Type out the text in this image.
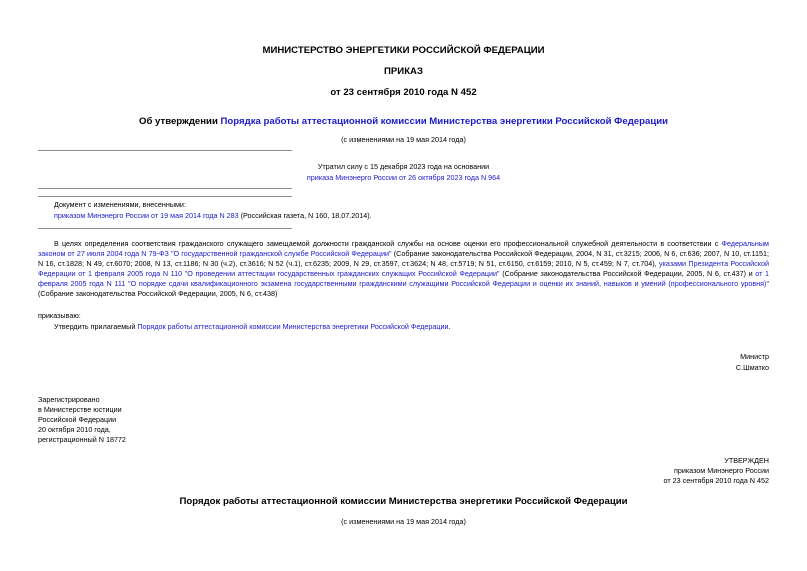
МИНИСТЕРСТВО ЭНЕРГЕТИКИ РОССИЙСКОЙ ФЕДЕРАЦИИ
ПРИКАЗ
от 23 сентября 2010 года N 452
Об утверждении Порядка работы аттестационной комиссии Министерства энергетики Российской Федерации
(с изменениями на 19 мая 2014 года)
Утратил силу с 15 декабря 2023 года на основании
приказа Минэнерго России от 26 октября 2023 года N 964
Документ с изменениями, внесенными:
приказом Минэнерго России от 19 мая 2014 года N 283 (Российская газета, N 160, 18.07.2014).

В целях определения соответствия гражданского служащего замещаемой должности гражданской службы на основе оценки его профессиональной служебной деятельности в соответствии с Федеральным законом от 27 июля 2004 года N 79-ФЗ "О государственной гражданской службе Российской Федерации" (Собрание законодательства Российской Федерации, 2004, N 31, ст.3215; 2006, N 6, ст.636; 2007, N 10, ст.1151; N 16, ст.1828; N 49, ст.6070; 2008, N 13, ст.1186; N 30 (ч.2), ст.3616; N 52 (ч.1), ст.6235; 2009, N 29, ст.3597, ст.3624; N 48, ст.5719; N 51, ст.6150, ст.6159; 2010, N 5, ст.459; N 7, ст.704), указами Президента Российской Федерации от 1 февраля 2005 года N 110 "О проведении аттестации государственных гражданских служащих Российской Федерации" (Собрание законодательства Российской Федерации, 2005, N 6, ст.437) и от 1 февраля 2005 года N 111 "О порядке сдачи квалификационного экзамена государственными гражданскими служащими Российской Федерации и оценки их знаний, навыков и умений (профессионального уровня)" (Собрание законодательства Российской Федерации, 2005, N 6, ст.438)

приказываю:
Утвердить прилагаемый Порядок работы аттестационной комиссии Министерства энергетики Российской Федерации.
Министр
С.Шматко
Зарегистрировано
в Министерстве юстиции
Российской Федерации
20 октября 2010 года,
регистрационный N 18772
УТВЕРЖДЕН
приказом Минэнерго России
от 23 сентября 2010 года N 452
Порядок работы аттестационной комиссии Министерства энергетики Российской Федерации
(с изменениями на 19 мая 2014 года)
